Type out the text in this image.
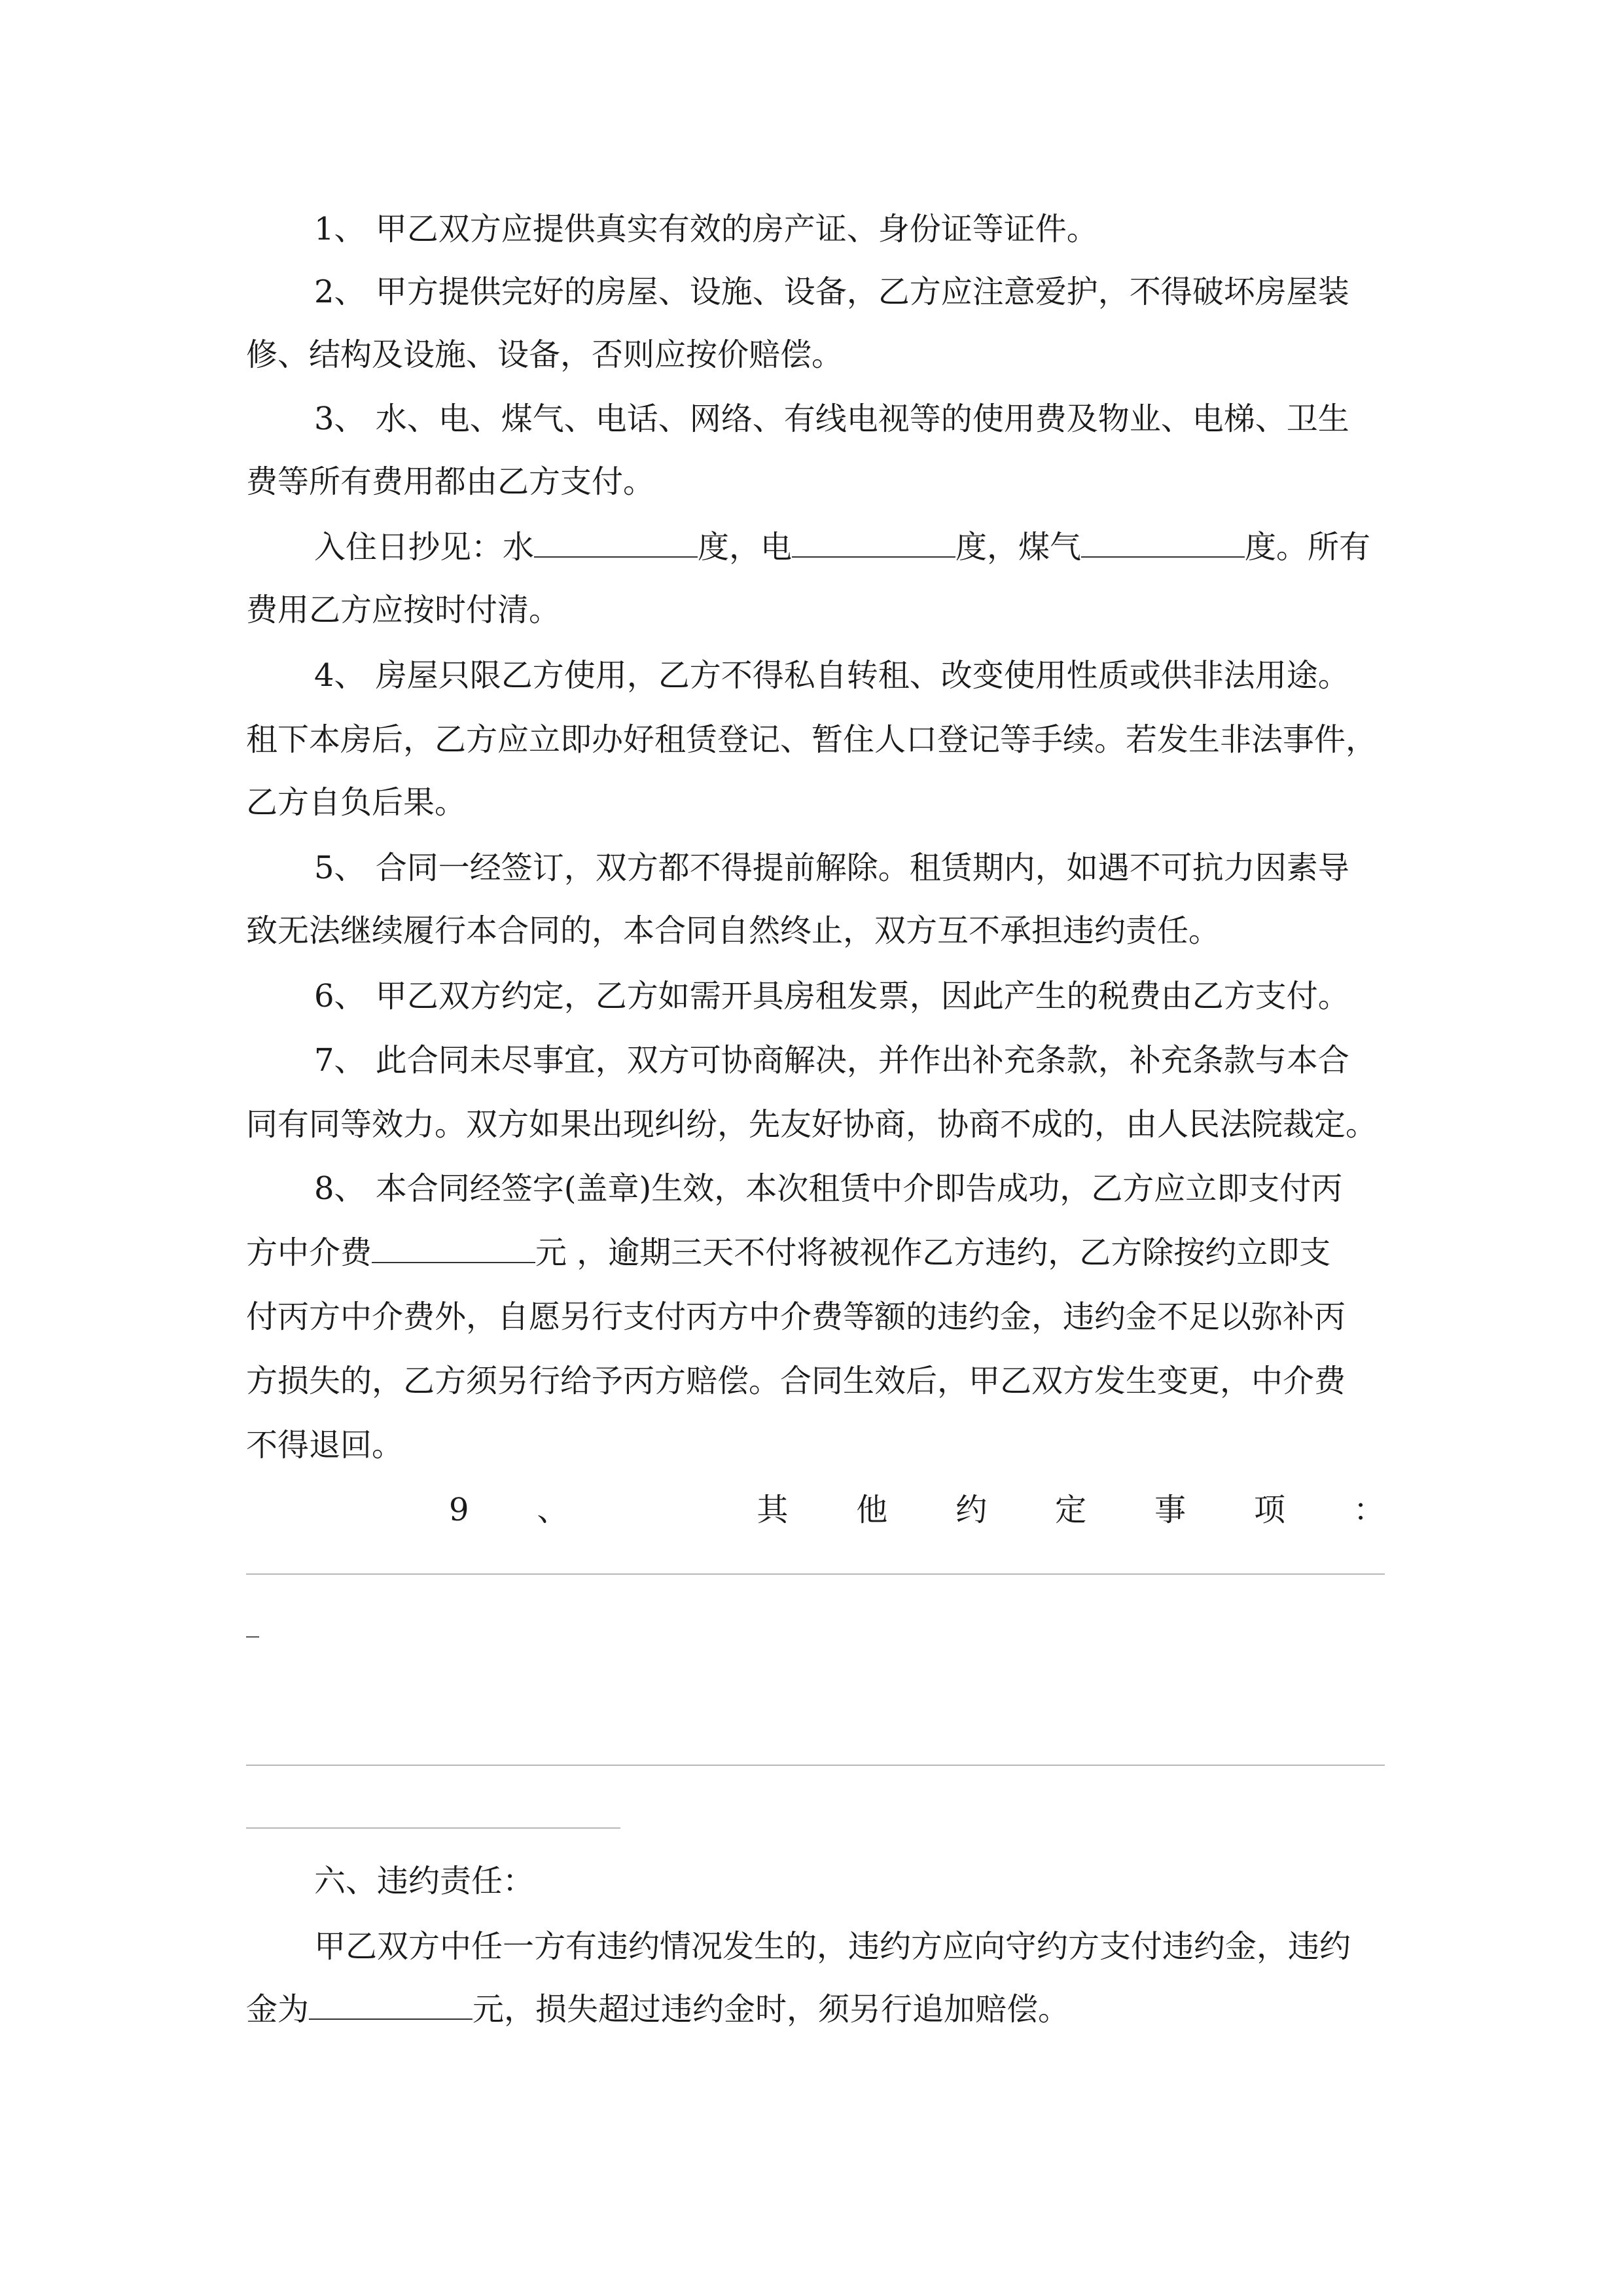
1、 甲乙双方应提供真实有效的房产证、身份证等证件。
2、 甲方提供完好的房屋、设施、设备，乙方应注意爱护，不得破坏房屋装
修、结构及设施、设备，否则应按价赔偿。
3、 水、电、煤气、电话、网络、有线电视等的使用费及物业、电梯、卫生
费等所有费用都由乙方支付。
入住日抄见：水	度，电	度，煤气	度。所有
费用乙方应按时付清。
4、 房屋只限乙方使用，乙方不得私自转租、改变使用性质或供非法用途。
租下本房后，乙方应立即办好租赁登记、暂住人口登记等手续。若发生非法事件，
乙方自负后果。
5、 合同一经签订，双方都不得提前解除。租赁期内，如遇不可抗力因素导
致无法继续履行本合同的，本合同自然终止，双方互不承担违约责任。
6、 甲乙双方约定，乙方如需开具房租发票，因此产生的税费由乙方支付。
7、 此合同未尽事宜，双方可协商解决，并作出补充条款，补充条款与本合
同有同等效力。双方如果出现纠纷，先友好协商，协商不成的，由人民法院裁定。
8、 本合同经签字(盖章)生效，本次租赁中介即告成功，乙方应立即支付丙
方中介费	元 ，逾期三天不付将被视作乙方违约，乙方除按约立即支
付丙方中介费外，自愿另行支付丙方中介费等额的违约金，违约金不足以弥补丙
方损失的，乙方须另行给予丙方赔偿。合同生效后，甲乙双方发生变更，中介费
不得退回。
9 、	其 他 约 定 事 项 ：
六、违约责任：
甲乙双方中任一方有违约情况发生的，违约方应向守约方支付违约金，违约
金为	元，损失超过违约金时，须另行追加赔偿。
